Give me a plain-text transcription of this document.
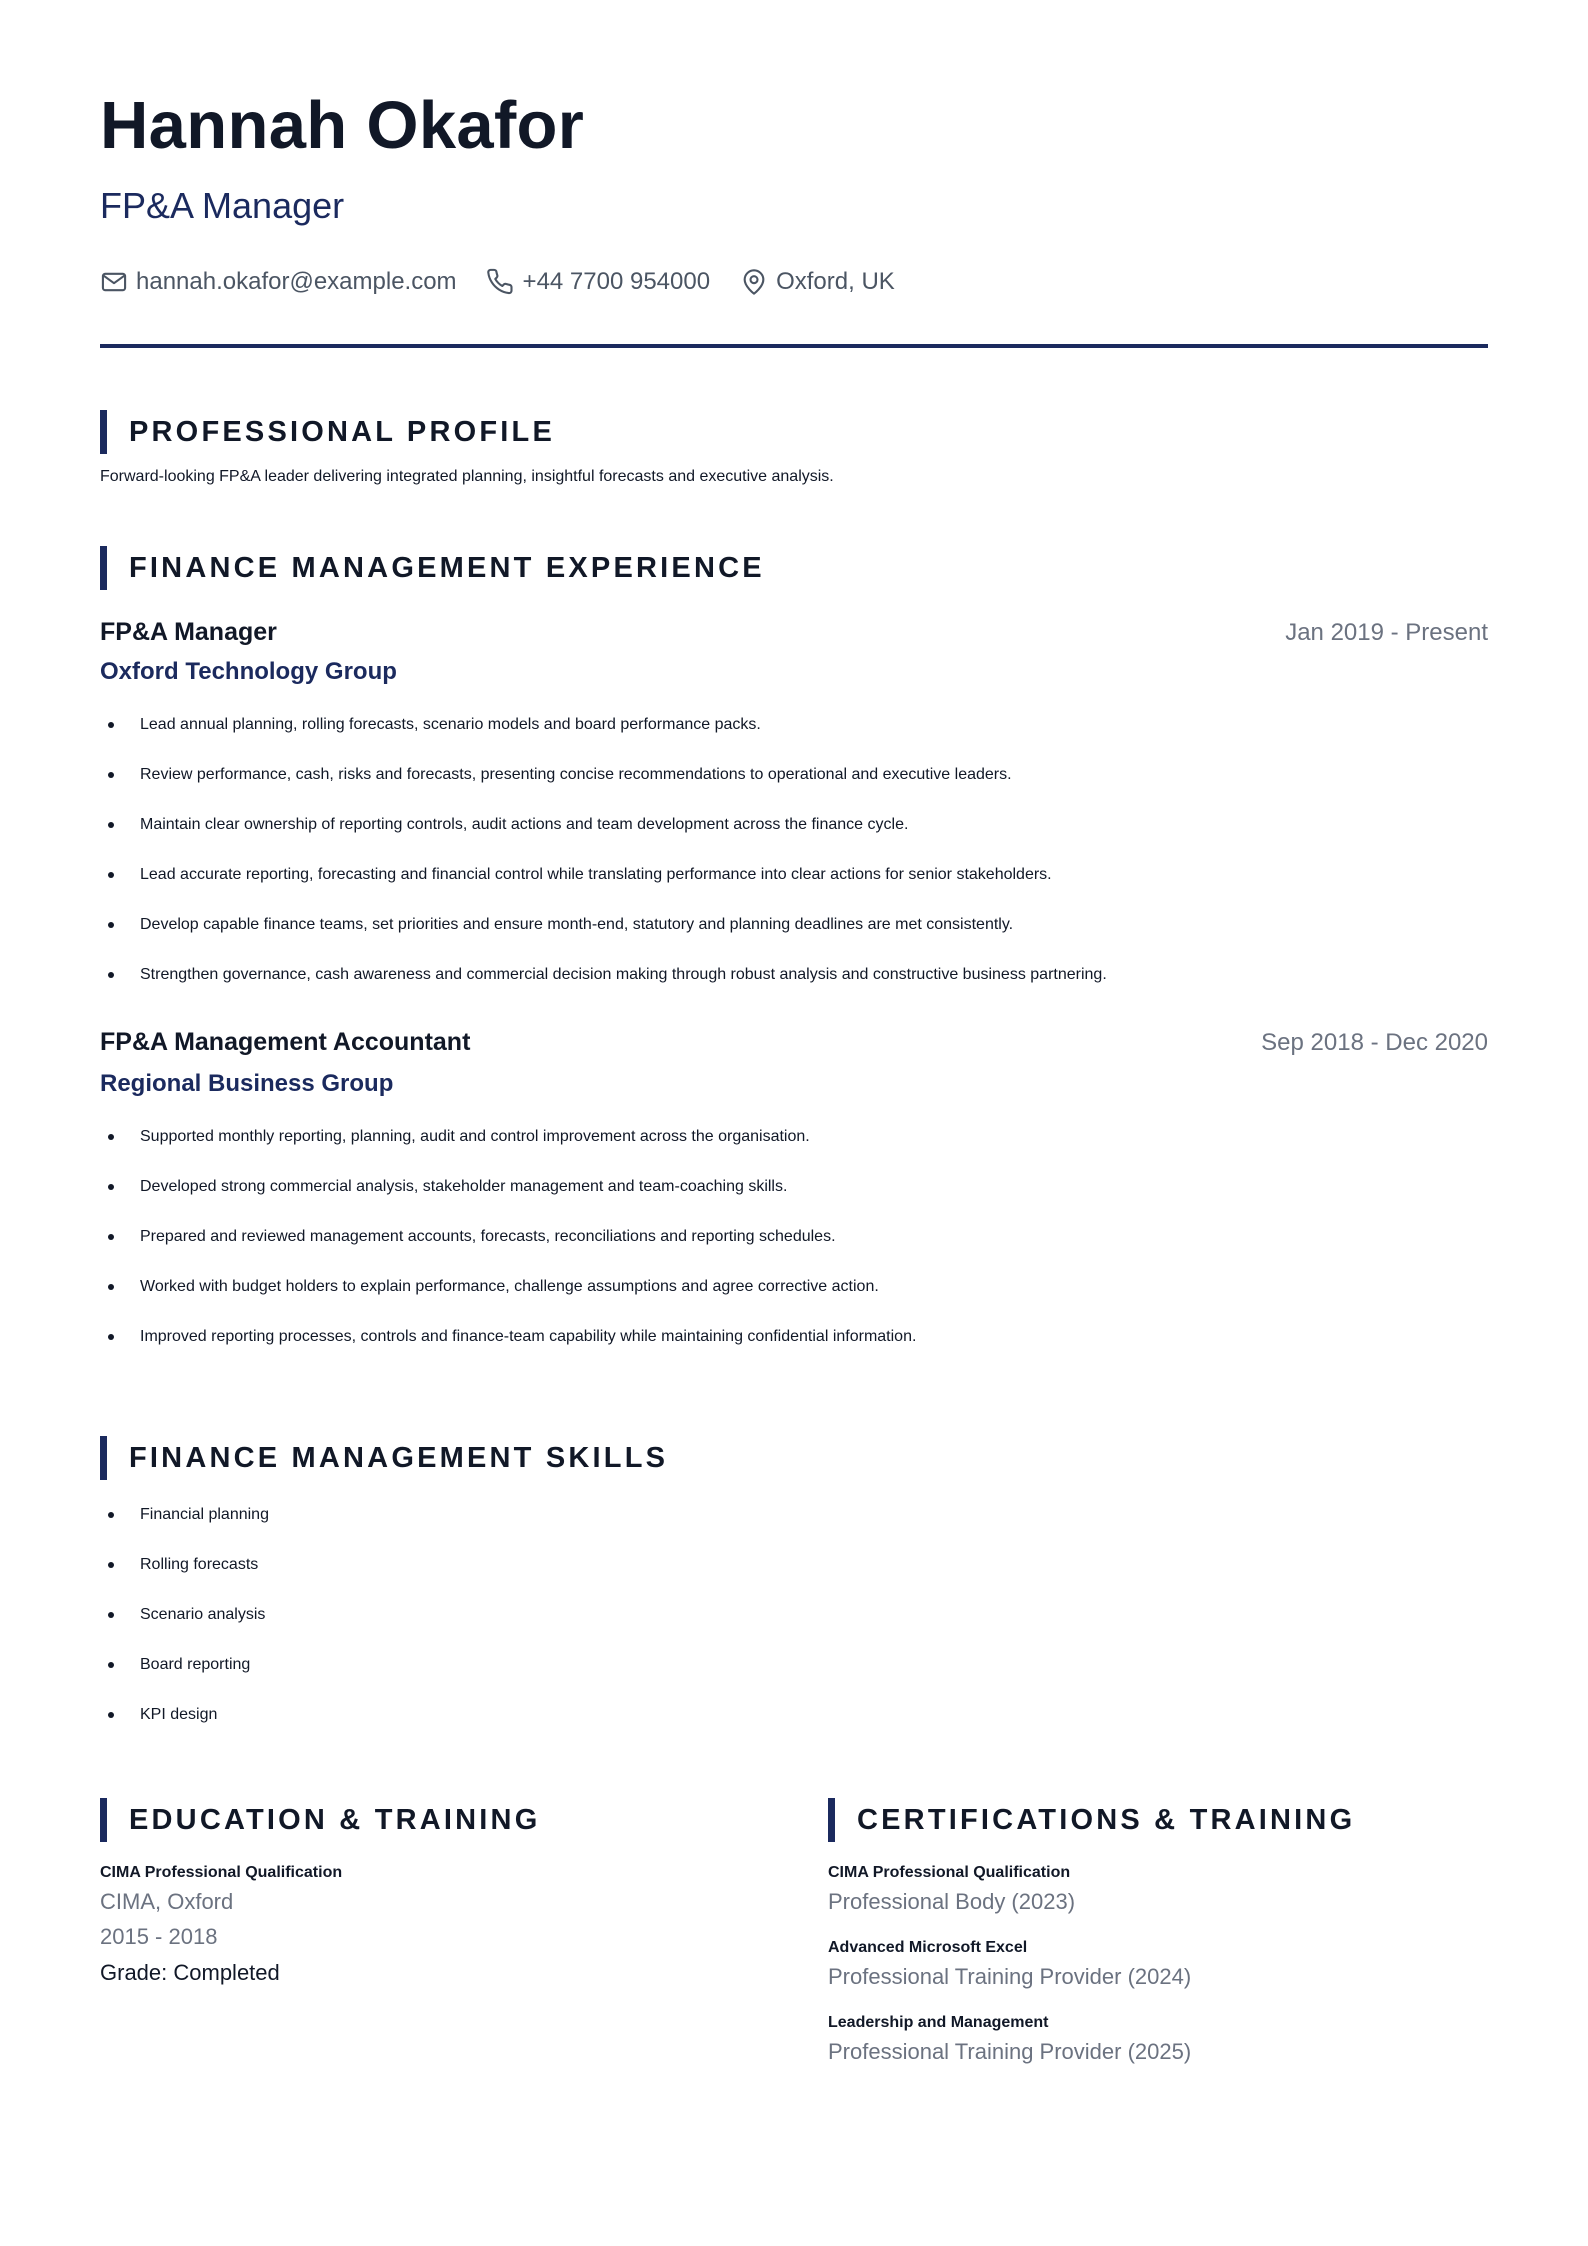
Hannah Okafor
FP&A Manager
hannah.okafor@example.com	+44 7700 954000	Oxford, UK
PROFESSIONAL PROFILE
Forward-looking FP&A leader delivering integrated planning, insightful forecasts and executive analysis.
FINANCE MANAGEMENT EXPERIENCE
FP&A Manager	Jan 2019 - Present
Oxford Technology Group
Lead annual planning, rolling forecasts, scenario models and board performance packs.
Review performance, cash, risks and forecasts, presenting concise recommendations to operational and executive leaders.
Maintain clear ownership of reporting controls, audit actions and team development across the finance cycle.
Lead accurate reporting, forecasting and financial control while translating performance into clear actions for senior stakeholders.
Develop capable finance teams, set priorities and ensure month-end, statutory and planning deadlines are met consistently.
Strengthen governance, cash awareness and commercial decision making through robust analysis and constructive business partnering.
FP&A Management Accountant	Sep 2018 - Dec 2020
Regional Business Group
Supported monthly reporting, planning, audit and control improvement across the organisation.
Developed strong commercial analysis, stakeholder management and team-coaching skills.
Prepared and reviewed management accounts, forecasts, reconciliations and reporting schedules.
Worked with budget holders to explain performance, challenge assumptions and agree corrective action.
Improved reporting processes, controls and finance-team capability while maintaining confidential information.
FINANCE MANAGEMENT SKILLS
Financial planning
Rolling forecasts
Scenario analysis
Board reporting
KPI design
EDUCATION & TRAINING
CIMA Professional Qualification
CIMA, Oxford
2015 - 2018
Grade: Completed
CERTIFICATIONS & TRAINING
CIMA Professional Qualification
Professional Body (2023)
Advanced Microsoft Excel
Professional Training Provider (2024)
Leadership and Management
Professional Training Provider (2025)
